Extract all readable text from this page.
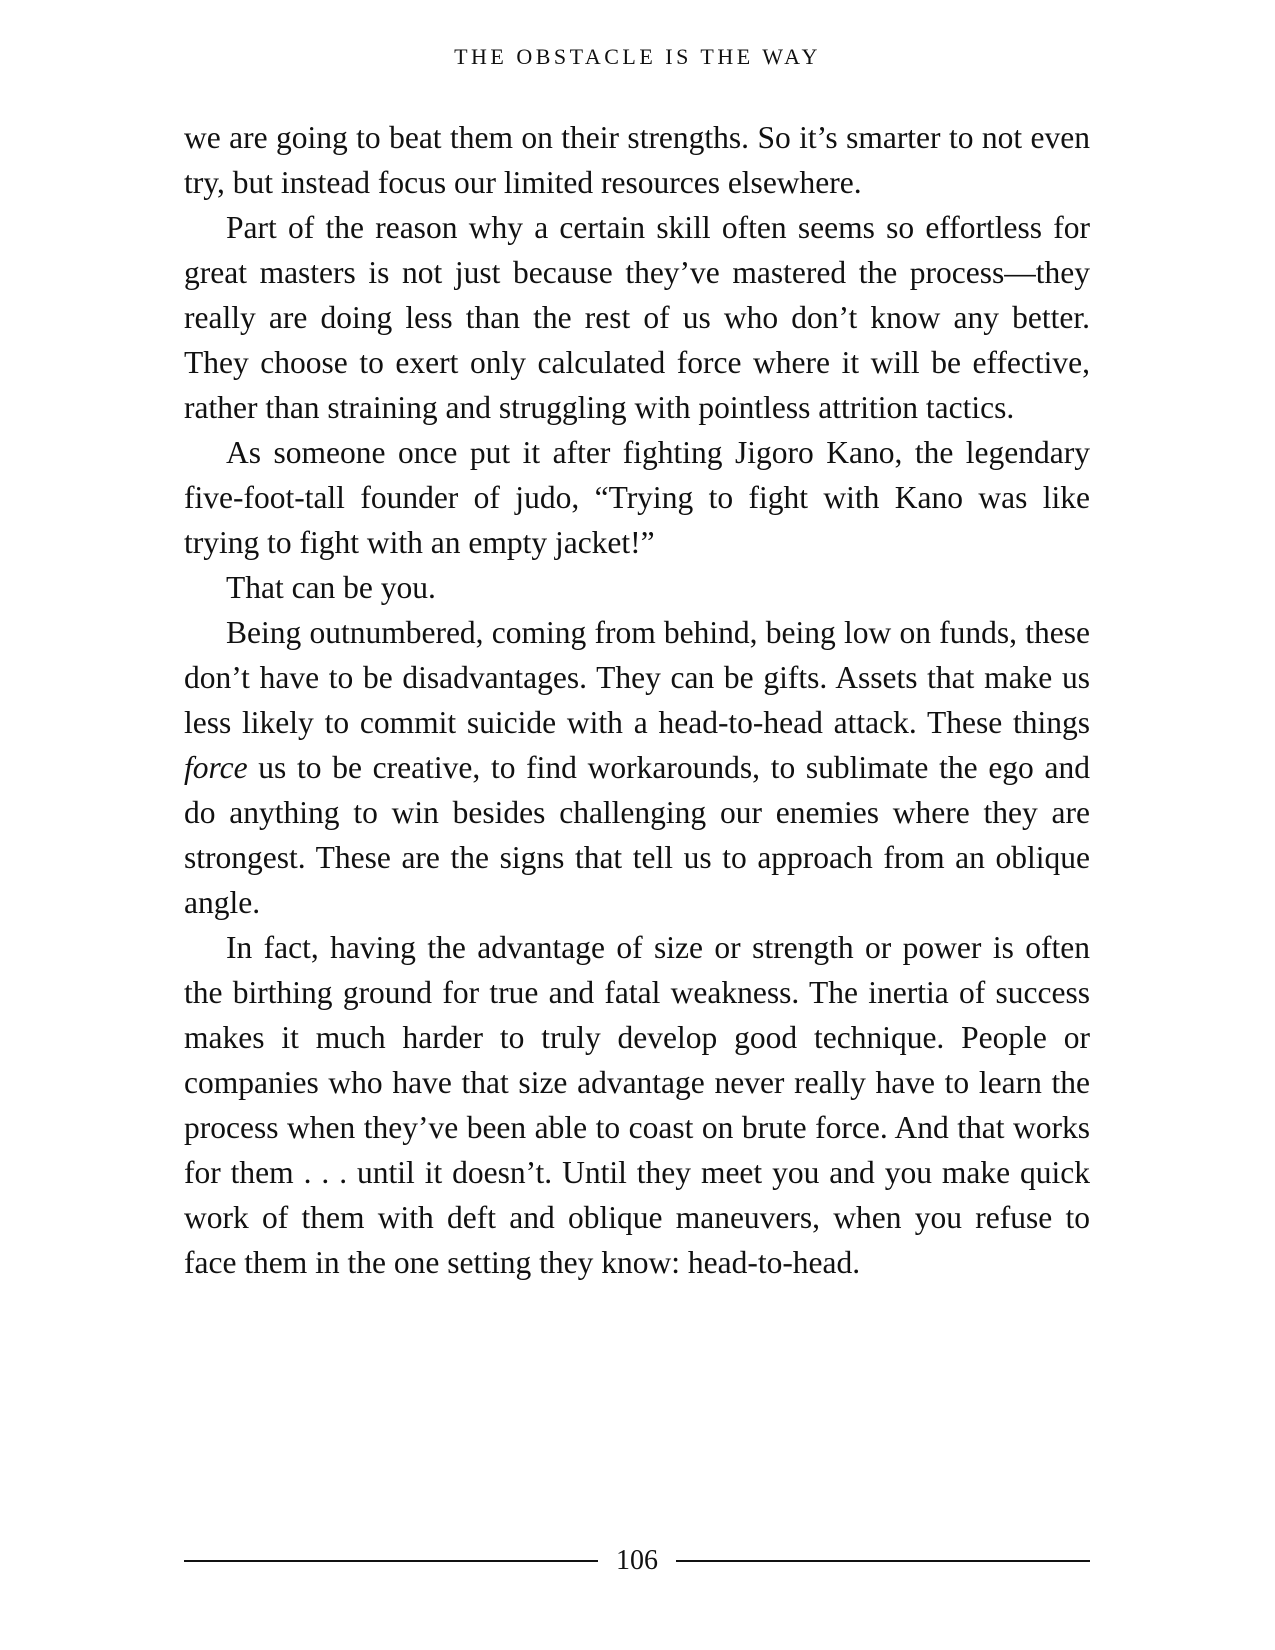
THE OBSTACLE IS THE WAY

we are going to beat them on their strengths. So it’s smarter to not even try, but instead focus our limited resources elsewhere.

Part of the reason why a certain skill often seems so effortless for great masters is not just because they’ve mastered the process—they really are doing less than the rest of us who don’t know any better. They choose to exert only calculated force where it will be effective, rather than straining and struggling with pointless attrition tactics.

As someone once put it after fighting Jigoro Kano, the legendary five-foot-tall founder of judo, “Trying to fight with Kano was like trying to fight with an empty jacket!”

That can be you.

Being outnumbered, coming from behind, being low on funds, these don’t have to be disadvantages. They can be gifts. Assets that make us less likely to commit suicide with a head-to-head attack. These things force us to be creative, to find workarounds, to sublimate the ego and do anything to win besides challenging our enemies where they are strongest. These are the signs that tell us to approach from an oblique angle.

In fact, having the advantage of size or strength or power is often the birthing ground for true and fatal weakness. The inertia of success makes it much harder to truly develop good technique. People or companies who have that size advantage never really have to learn the process when they’ve been able to coast on brute force. And that works for them . . . until it doesn’t. Until they meet you and you make quick work of them with deft and oblique maneuvers, when you refuse to face them in the one setting they know: head-to-head.

106
